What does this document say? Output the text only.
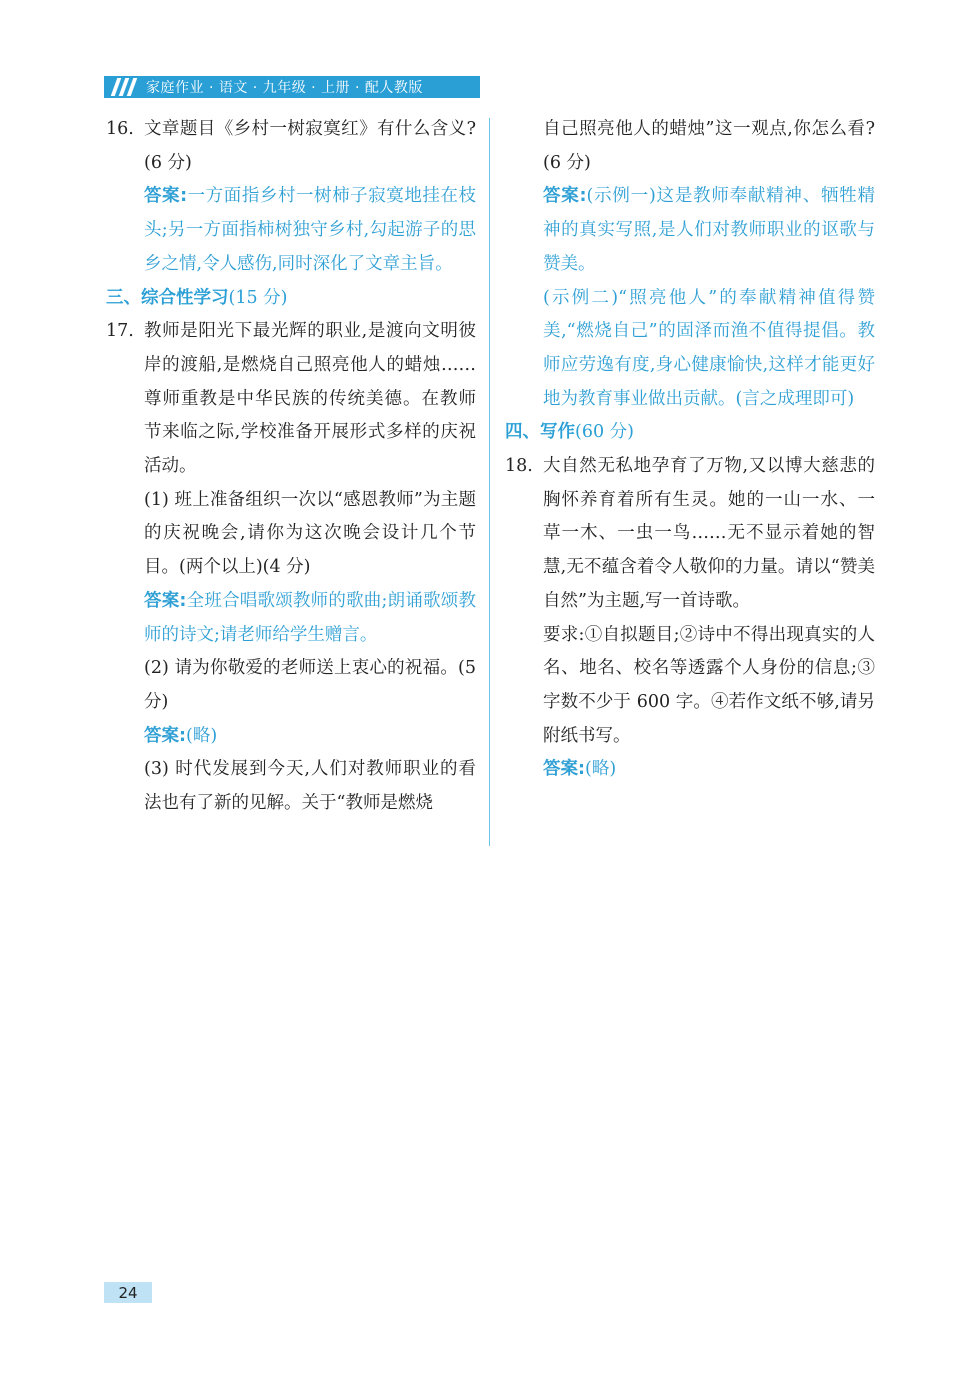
家庭作业 · 语文 · 九年级 · 上册 · 配人教版
16. 文章题目《乡村一树寂寞红》有什么含义?(6 分)
答案:一方面指乡村一树柿子寂寞地挂在枝头;另一方面指柿树独守乡村,勾起游子的思乡之情,令人感伤,同时深化了文章主旨。
三、综合性学习(15 分)
17. 教师是阳光下最光辉的职业,是渡向文明彼岸的渡船,是燃烧自己照亮他人的蜡烛……尊师重教是中华民族的传统美德。在教师节来临之际,学校准备开展形式多样的庆祝活动。
(1) 班上准备组织一次以“感恩教师”为主题的庆祝晚会,请你为这次晚会设计几个节目。(两个以上)(4 分)
答案:全班合唱歌颂教师的歌曲;朗诵歌颂教师的诗文;请老师给学生赠言。
(2) 请为你敬爱的老师送上衷心的祝福。(5 分)
答案:(略)
(3) 时代发展到今天,人们对教师职业的看法也有了新的见解。关于“教师是燃烧
自己照亮他人的蜡烛”这一观点,你怎么看?(6 分)
答案:(示例一)这是教师奉献精神、牺牲精神的真实写照,是人们对教师职业的讴歌与赞美。
(示例二)“照亮他人”的奉献精神值得赞美,“燃烧自己”的固泽而渔不值得提倡。教师应劳逸有度,身心健康愉快,这样才能更好地为教育事业做出贡献。(言之成理即可)
四、写作(60 分)
18. 大自然无私地孕育了万物,又以博大慈悲的胸怀养育着所有生灵。她的一山一水、一草一木、一虫一鸟……无不显示着她的智慧,无不蕴含着令人敬仰的力量。请以“赞美自然”为主题,写一首诗歌。
要求:①自拟题目;②诗中不得出现真实的人名、地名、校名等透露个人身份的信息;③字数不少于 600 字。④若作文纸不够,请另附纸书写。
答案:(略)
24
